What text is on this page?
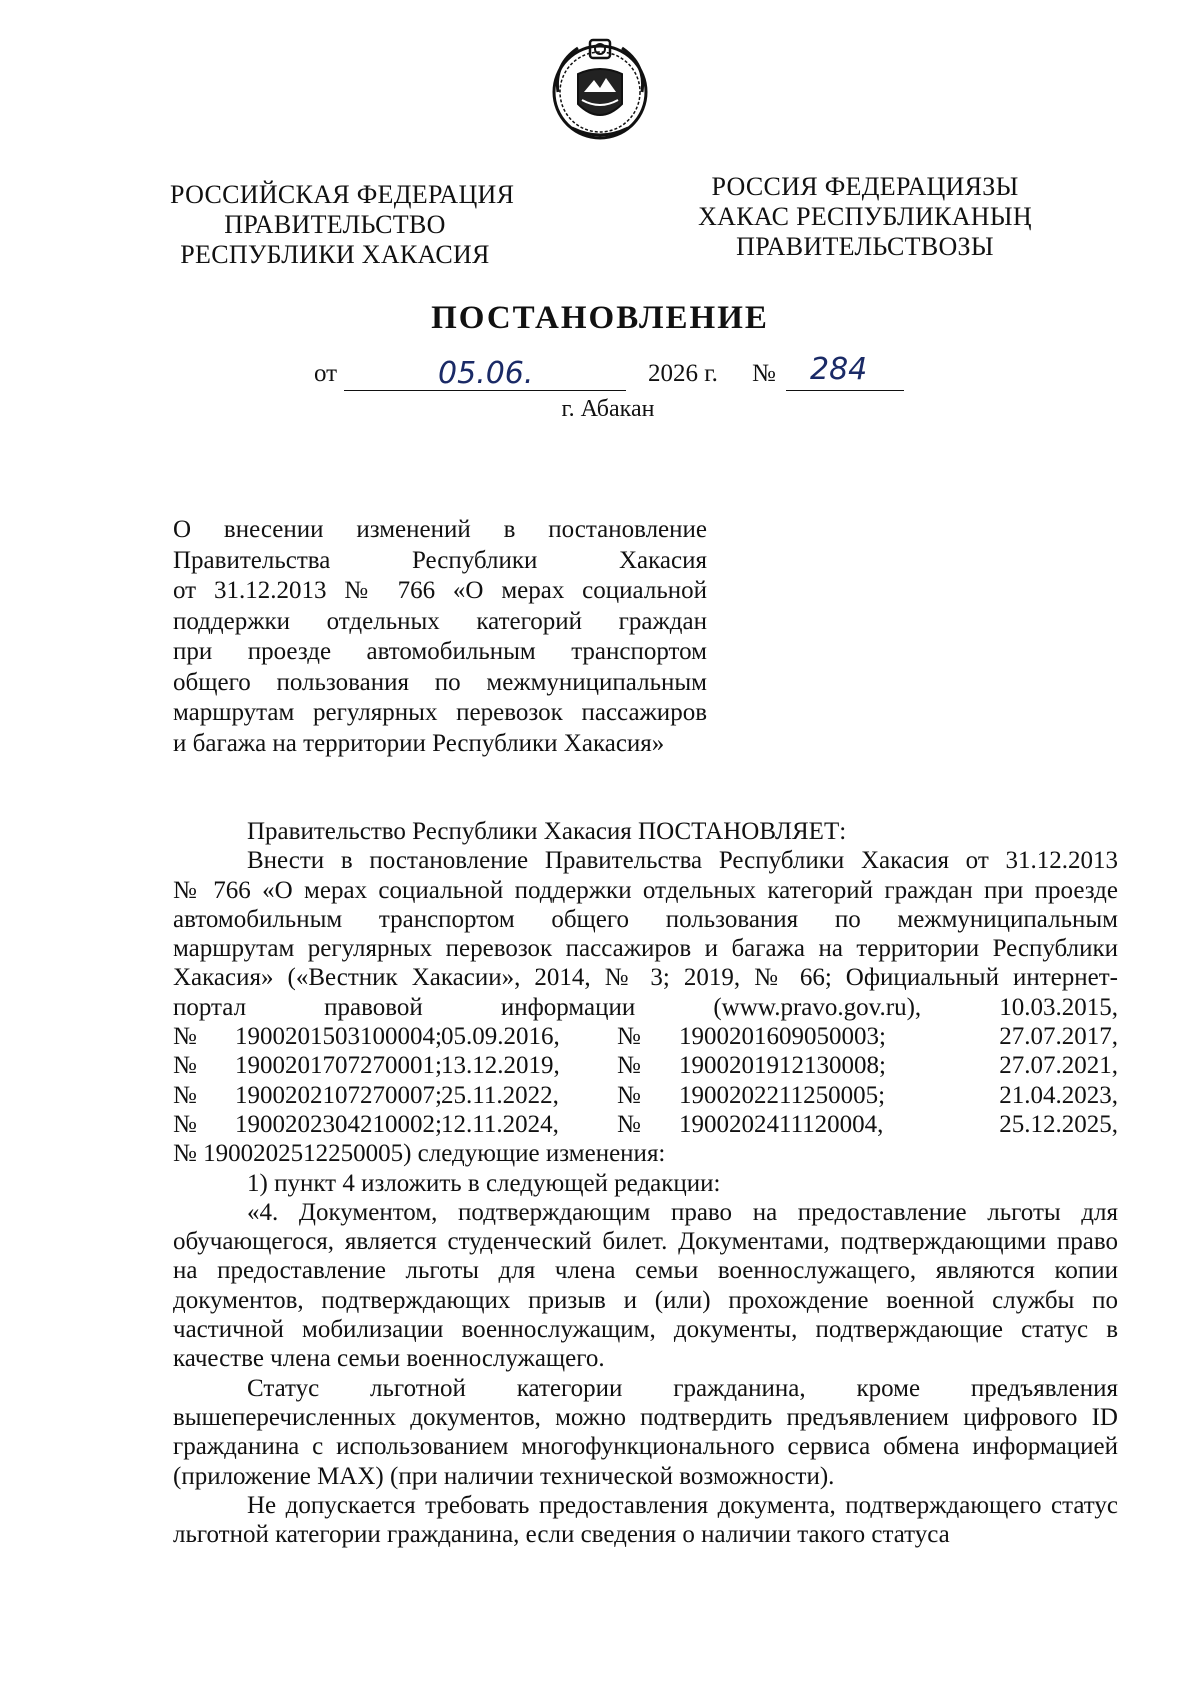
РОССИЙСКАЯ ФЕДЕРАЦИЯ
ПРАВИТЕЛЬСТВО
РЕСПУБЛИКИ ХАКАСИЯ
РОССИЯ ФЕДЕРАЦИЯЗЫ
ХАКАС РЕСПУБЛИКАНЫҢ
ПРАВИТЕЛЬСТВОЗЫ
ПОСТАНОВЛЕНИЕ
от	05.06.	2026 г. № 284
г. Абакан

О внесении изменений в постановление

Правительства Республики Хакасия

от 31.12.2013 № 766 «О мерах социальной

поддержки отдельных категорий граждан

при проезде автомобильным транспортом

общего пользования по межмуниципальным

маршрутам регулярных перевозок пассажиров

и багажа на территории Республики Хакасия»

Правительство Республики Хакасия ПОСТАНОВЛЯЕТ:

Внести в постановление Правительства Республики Хакасия от 31.12.2013

№ 766 «О мерах социальной поддержки отдельных категорий граждан при проезде

автомобильным транспортом общего пользования по межмуниципальным

маршрутам регулярных перевозок пассажиров и багажа на территории Республики

Хакасия» («Вестник Хакасии», 2014, № 3; 2019, № 66; Официальный интернет-

портал	правовой	информации	(www.pravo.gov.ru),	10.03.2015,
№	1900201503100004; 05.09.2016,	№	1900201609050003;	27.07.2017,
№	1900201707270001; 13.12.2019,	№	1900201912130008;	27.07.2021,
№	1900202107270007; 25.11.2022,	№	1900202211250005;	21.04.2023,
№	1900202304210002; 12.11.2024,	№	1900202411120004,	25.12.2025,

№ 1900202512250005) следующие изменения:

1) пункт 4 изложить в следующей редакции:

«4. Документом, подтверждающим право на предоставление льготы для обучающегося, является студенческий билет. Документами, подтверждающими право на предоставление льготы для члена семьи военнослужащего, являются копии документов, подтверждающих призыв и (или) прохождение военной службы по частичной мобилизации военнослужащим, документы, подтверждающие статус в качестве члена семьи военнослужащего.

Статус льготной категории гражданина, кроме предъявления вышеперечисленных документов, можно подтвердить предъявлением цифрового ID гражданина с использованием многофункционального сервиса обмена информацией (приложение MAX) (при наличии технической возможности).

Не допускается требовать предоставления документа, подтверждающего статус льготной категории гражданина, если сведения о наличии такого статуса
